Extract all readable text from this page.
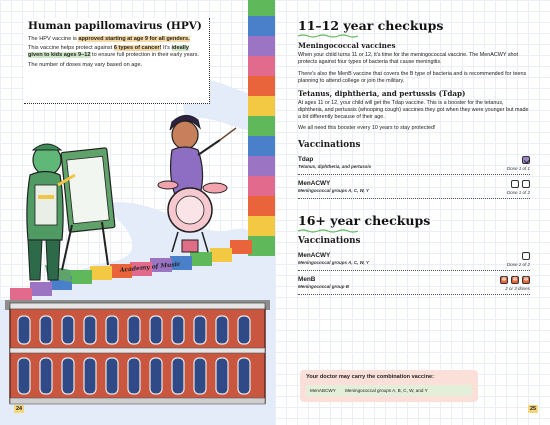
Academy of Music
Human papillomavirus (HPV)

The HPV vaccine is approved starting at age 9 for all genders.

This vaccine helps protect against 6 types of cancer! It's ideally given to kids ages 9–12 to ensure full protection in their early years.

The number of doses may vary based on age.

24
11–12 year checkups
Meningococcal vaccines

When your child turns 11 or 12, it's time for the meningococcal vaccine. The MenACWY shot protects against four types of bacteria that cause meningitis.

There's also the MenB vaccine that covers the B type of bacteria and is recommended for teens planning to attend college or join the military.

Tetanus, diphtheria, and pertussis (Tdap)

At ages 11 or 12, your child will get the Tdap vaccine. This is a booster for the tetanus, diphtheria, and pertussis (whooping cough) vaccines they got when they were younger but made a bit differently because of their age.

We all need this booster every 10 years to stay protected!

Vaccinations
Tdap
Tetanus, diphtheria, and pertussis	Dose 1 of 1
MenACWY
Meningococcal groups A, C, W, Y	Dose 1 of 2
16+ year checkups
Vaccinations
MenACWY
Meningococcal groups A, C, W, Y	Dose 2 of 2
MenB
Meningococcal group B	2 or 3 doses
✻
✻
✻
Your doctor may carry the combination vaccine:
MenABCWY Meningococcal groups A, B, C, W, and Y
25
